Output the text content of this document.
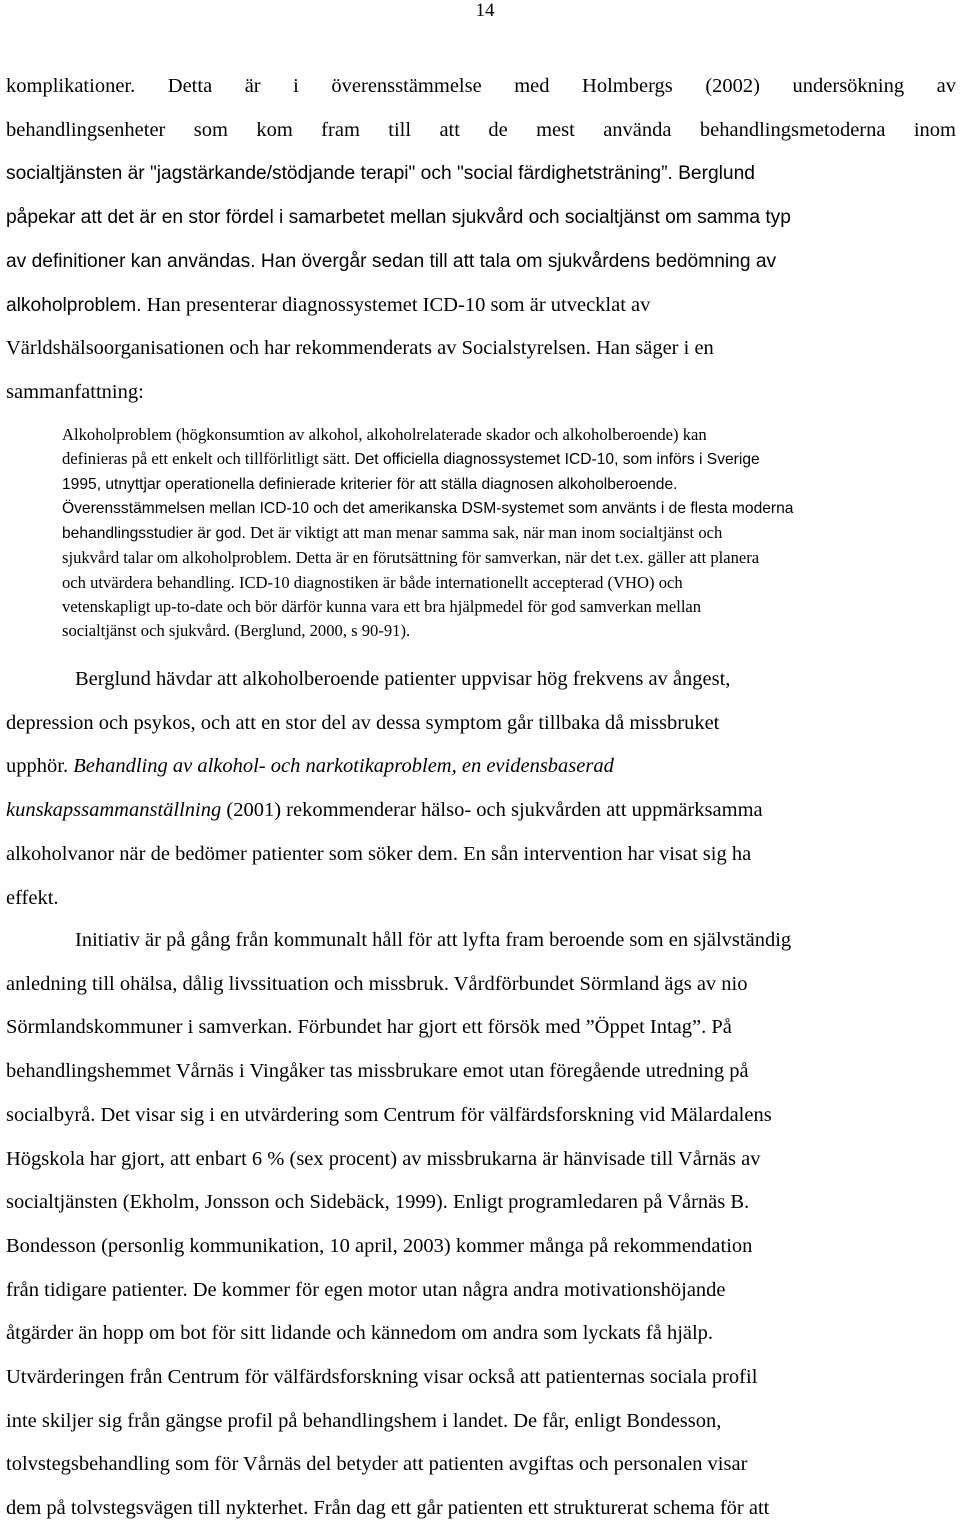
14

komplikationer. Detta är i överensstämmelse med Holmbergs (2002) undersökning av
behandlingsenheter som kom fram till att de mest använda behandlingsmetoderna inom
socialtjänsten är "jagstärkande/stödjande terapi" och "social färdighetsträning”. Berglund
påpekar att det är en stor fördel i samarbetet mellan sjukvård och socialtjänst om samma typ
av definitioner kan användas. Han övergår sedan till att tala om sjukvårdens bedömning av
alkoholproblem. Han presenterar diagnossystemet ICD-10 som är utvecklat av
Världshälsoorganisationen och har rekommenderats av Socialstyrelsen. Han säger i en
sammanfattning:

Alkoholproblem (högkonsumtion av alkohol, alkoholrelaterade skador och alkoholberoende) kan
definieras på ett enkelt och tillförlitligt sätt. Det officiella diagnossystemet ICD-10, som införs i Sverige
1995, utnyttjar operationella definierade kriterier för att ställa diagnosen alkoholberoende.
Överensstämmelsen mellan ICD-10 och det amerikanska DSM-systemet som använts i de flesta moderna
behandlingsstudier är god. Det är viktigt att man menar samma sak, när man inom socialtjänst och
sjukvård talar om alkoholproblem. Detta är en förutsättning för samverkan, när det t.ex. gäller att planera
och utvärdera behandling. ICD-10 diagnostiken är både internationellt accepterad (VHO) och
vetenskapligt up-to-date och bör därför kunna vara ett bra hjälpmedel för god samverkan mellan
socialtjänst och sjukvård. (Berglund, 2000, s 90-91).

Berglund hävdar att alkoholberoende patienter uppvisar hög frekvens av ångest,
depression och psykos, och att en stor del av dessa symptom går tillbaka då missbruket
upphör. Behandling av alkohol- och narkotikaproblem, en evidensbaserad
kunskapssammanställning (2001) rekommenderar hälso- och sjukvården att uppmärksamma
alkoholvanor när de bedömer patienter som söker dem. En sån intervention har visat sig ha
effekt.

Initiativ är på gång från kommunalt håll för att lyfta fram beroende som en självständig
anledning till ohälsa, dålig livssituation och missbruk. Vårdförbundet Sörmland ägs av nio
Sörmlandskommuner i samverkan. Förbundet har gjort ett försök med ”Öppet Intag”. På
behandlingshemmet Vårnäs i Vingåker tas missbrukare emot utan föregående utredning på
socialbyrå. Det visar sig i en utvärdering som Centrum för välfärdsforskning vid Mälardalens
Högskola har gjort, att enbart 6 % (sex procent) av missbrukarna är hänvisade till Vårnäs av
socialtjänsten (Ekholm, Jonsson och Sidebäck, 1999). Enligt programledaren på Vårnäs B.
Bondesson (personlig kommunikation, 10 april, 2003) kommer många på rekommendation
från tidigare patienter. De kommer för egen motor utan några andra motivationshöjande
åtgärder än hopp om bot för sitt lidande och kännedom om andra som lyckats få hjälp.
Utvärderingen från Centrum för välfärdsforskning visar också att patienternas sociala profil
inte skiljer sig från gängse profil på behandlingshem i landet. De får, enligt Bondesson,
tolvstegsbehandling som för Vårnäs del betyder att patienten avgiftas och personalen visar
dem på tolvstegsvägen till nykterhet. Från dag ett går patienten ett strukturerat schema för att
